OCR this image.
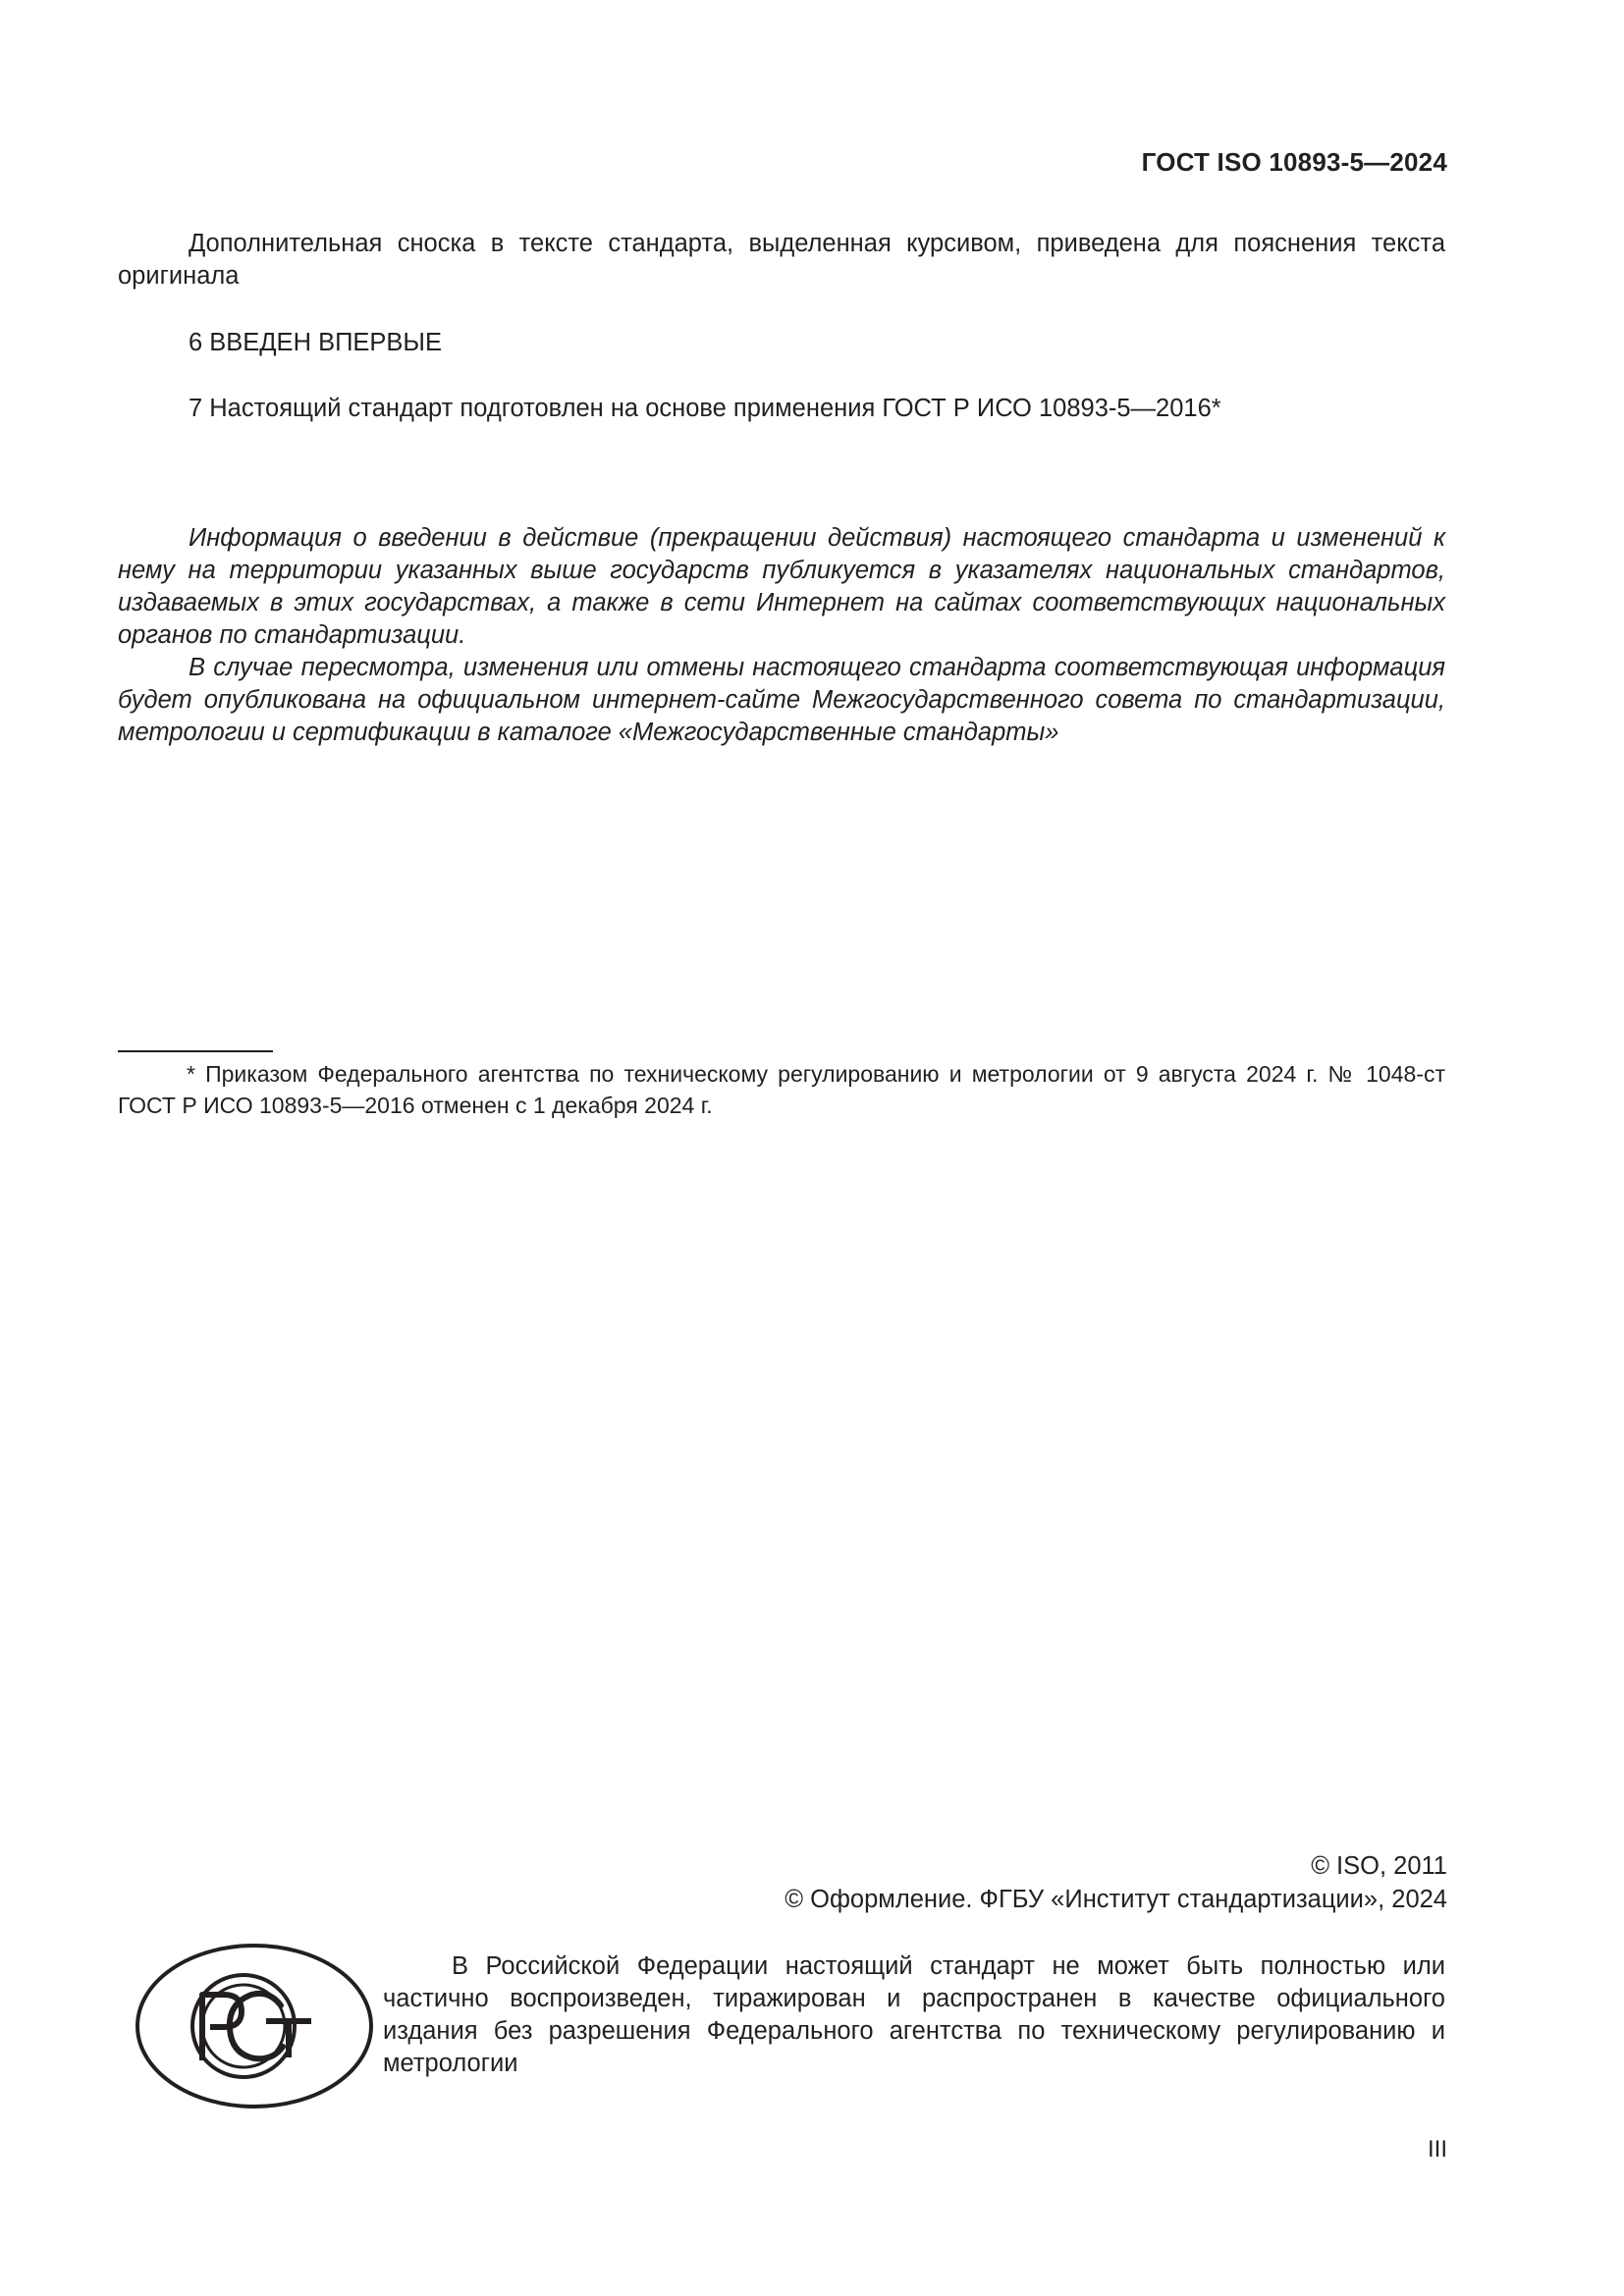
ГОСТ ISO 10893-5—2024
Дополнительная сноска в тексте стандарта, выделенная курсивом, приведена для пояснения текста оригинала
6 ВВЕДЕН ВПЕРВЫЕ
7 Настоящий стандарт подготовлен на основе применения ГОСТ Р ИСО 10893-5—2016*

Информация о введении в действие (прекращении действия) настоящего стандарта и изменений к нему на территории указанных выше государств публикуется в указателях национальных стандартов, издаваемых в этих государствах, а также в сети Интернет на сайтах соответствующих национальных органов по стандартизации.

В случае пересмотра, изменения или отмены настоящего стандарта соответствующая информация будет опубликована на официальном интернет-сайте Межгосударственного совета по стандартизации, метрологии и сертификации в каталоге «Межгосударственные стандарты»

* Приказом Федерального агентства по техническому регулированию и метрологии от 9 августа 2024 г. № 1048-ст ГОСТ Р ИСО 10893-5—2016 отменен с 1 декабря 2024 г.
© ISO, 2011
© Оформление. ФГБУ «Институт стандартизации», 2024
В Российской Федерации настоящий стандарт не может быть полностью или частично воспроизведен, тиражирован и распространен в качестве официального издания без разрешения Федерального агентства по техническому регулированию и метрологии
III
